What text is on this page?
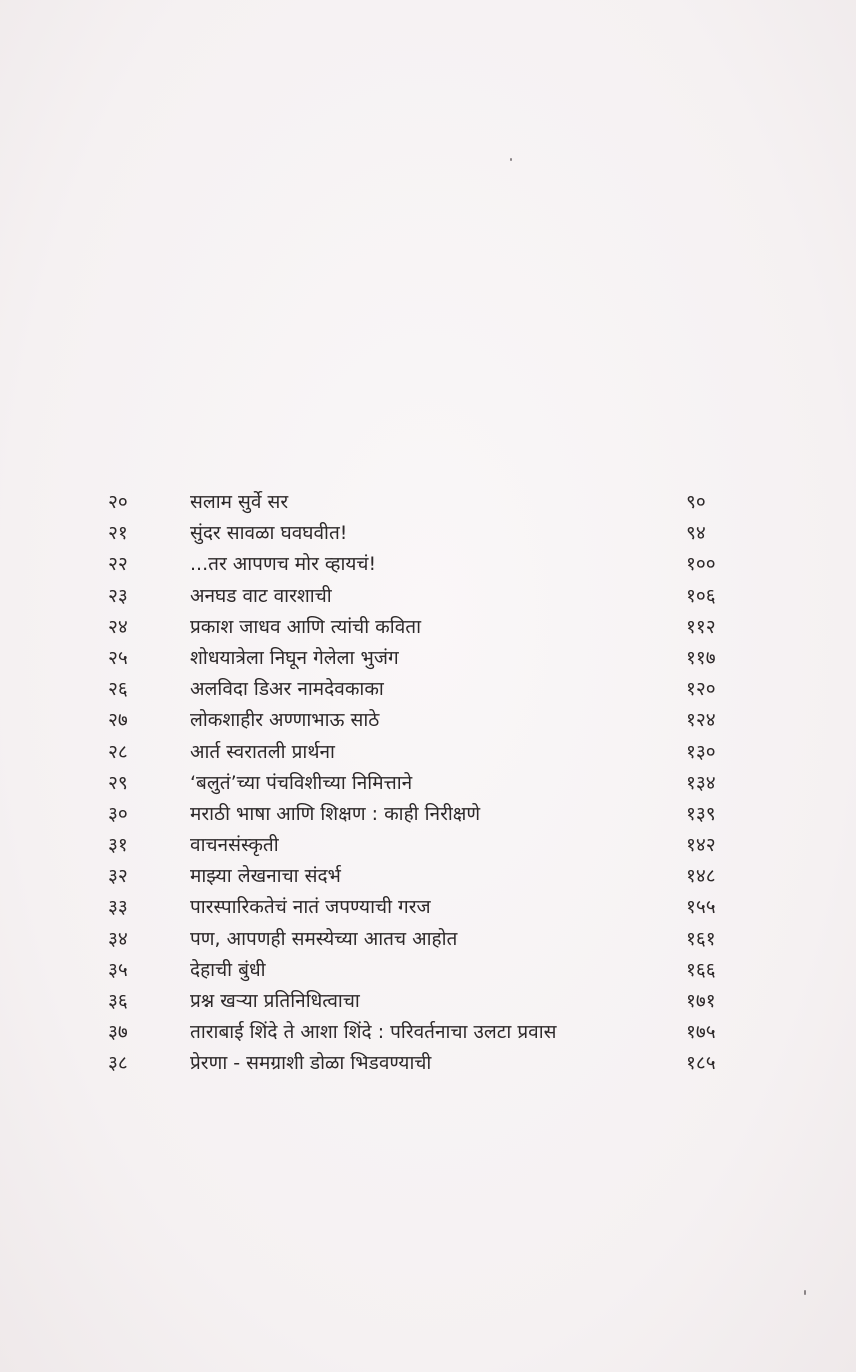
२०	सलाम सुर्वे सर	९०
२१	सुंदर सावळा घवघवीत!	९४
२२	...तर आपणच मोर व्हायचं!	१००
२३	अनघड वाट वारशाची	१०६
२४	प्रकाश जाधव आणि त्यांची कविता	११२
२५	शोधयात्रेला निघून गेलेला भुजंग	११७
२६	अलविदा डिअर नामदेवकाका	१२०
२७	लोकशाहीर अण्णाभाऊ साठे	१२४
२८	आर्त स्वरातली प्रार्थना	१३०
२९	‘बलुतं’च्या पंचविशीच्या निमित्ताने	१३४
३०	मराठी भाषा आणि शिक्षण : काही निरीक्षणे	१३९
३१	वाचनसंस्कृती	१४२
३२	माझ्या लेखनाचा संदर्भ	१४८
३३	पारस्पारिकतेचं नातं जपण्याची गरज	१५५
३४	पण, आपणही समस्येच्या आतच आहोत	१६१
३५	देहाची बुंधी	१६६
३६	प्रश्न खऱ्या प्रतिनिधित्वाचा	१७१
३७	ताराबाई शिंदे ते आशा शिंदे : परिवर्तनाचा उलटा प्रवास	१७५
३८	प्रेरणा - समग्राशी डोळा भिडवण्याची	१८५
